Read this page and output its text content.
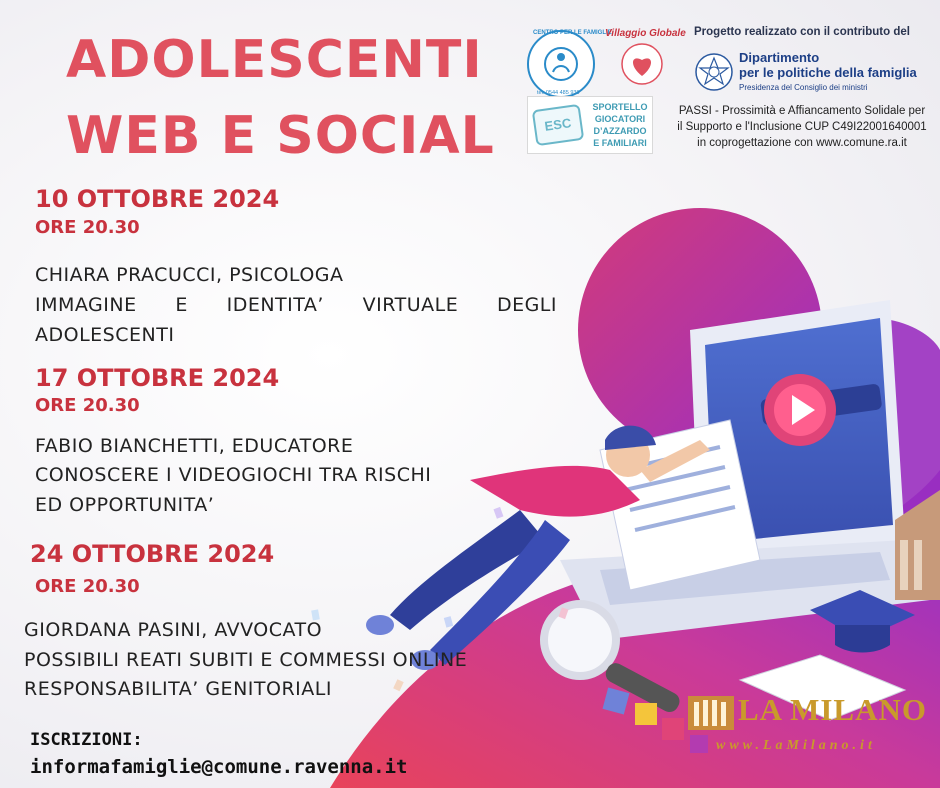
ADOLESCENTI
WEB E SOCIAL
10 OTTOBRE 2024
ORE 20.30
CHIARA PRACUCCI, PSICOLOGA
IMMAGINE E IDENTITA’ VIRTUALE DEGLI
ADOLESCENTI
17 OTTOBRE 2024
ORE 20.30
FABIO BIANCHETTI, EDUCATORE
CONOSCERE I VIDEOGIOCHI TRA RISCHI
ED OPPORTUNITA’
24 OTTOBRE 2024
ORE 20.30
GIORDANA PASINI, AVVOCATO
POSSIBILI REATI SUBITI E COMMESSI ONLINE
RESPONSABILITA’ GENITORIALI
ISCRIZIONI:
informafamiglie@comune.ravenna.it
CENTRO PER LE FAMIGLIE
tel. 0544 485 939
Villaggio Globale
ESC
SPORTELLO
GIOCATORI
D’AZZARDO
E FAMILIARI
Progetto realizzato con il contributo del
Dipartimento
per le politiche della famiglia
Presidenza del Consiglio dei ministri
PASSI - Prossimità e Affiancamento Solidale per
il Supporto e l'Inclusione CUP C49I22001640001
in coprogettazione con www.comune.ra.it
LA MILANO
www.LaMilano.it
